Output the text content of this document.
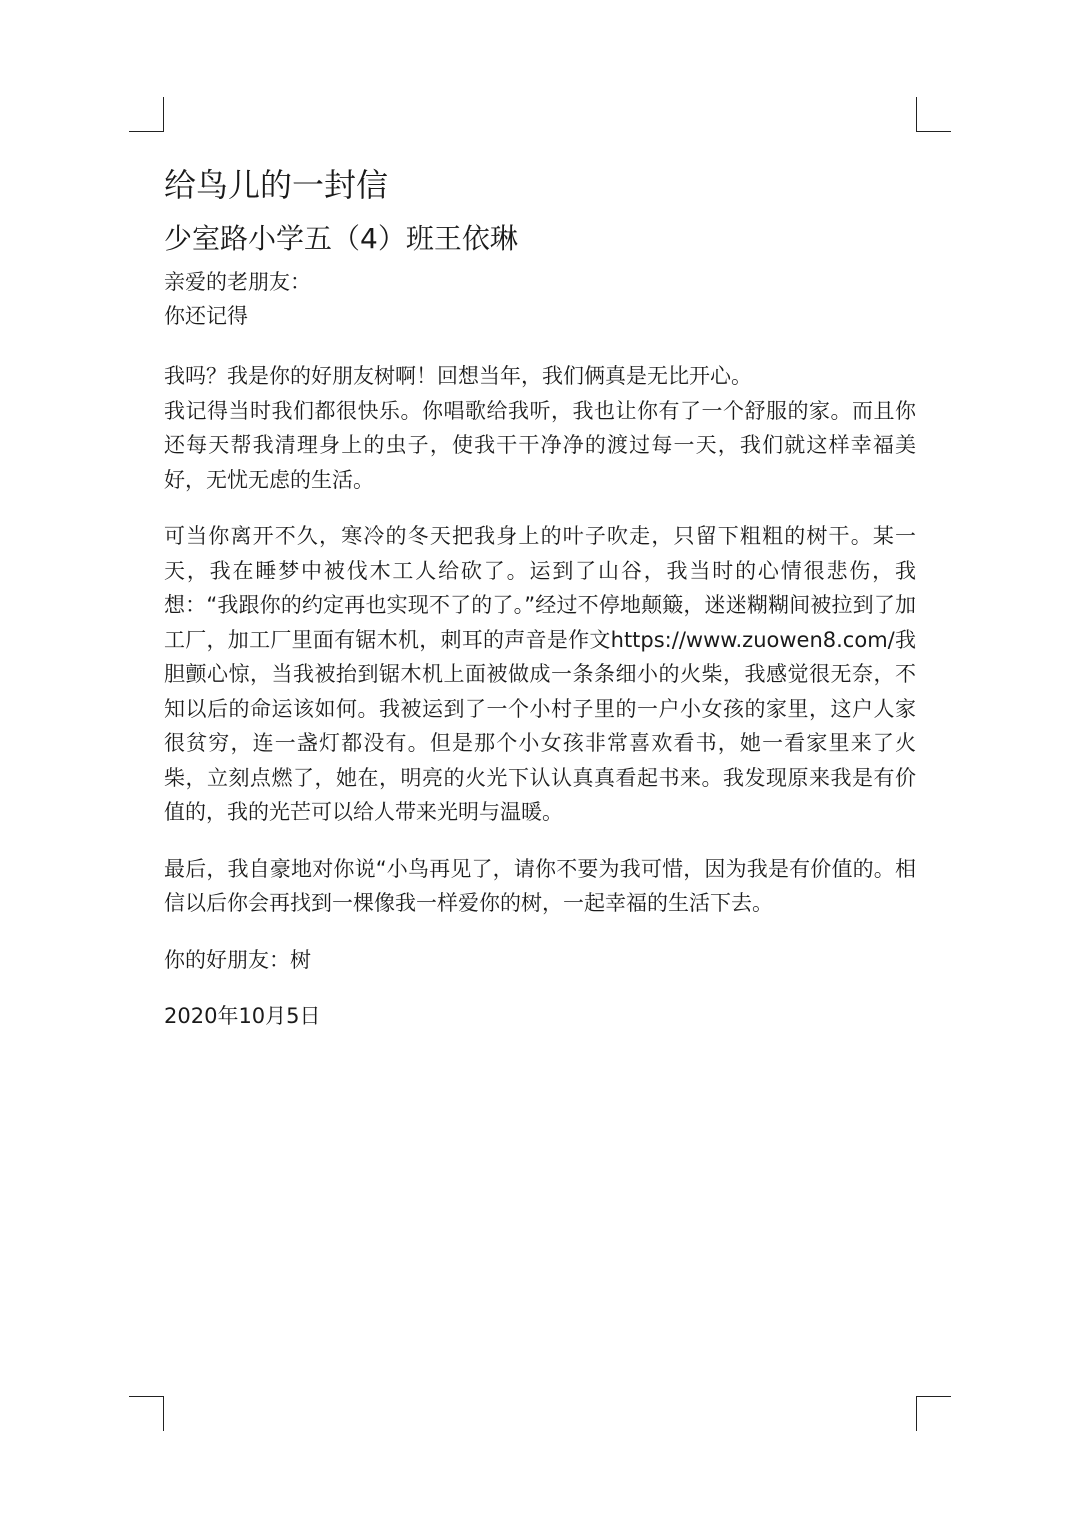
给鸟儿的一封信
少室路小学五（4）班王依琳

亲爱的老朋友：

你还记得

我吗？我是你的好朋友树啊！回想当年，我们俩真是无比开心。

我记得当时我们都很快乐。你唱歌给我听，我也让你有了一个舒服的家。而且你还每天帮我清理身上的虫子，使我干干净净的渡过每一天，我们就这样幸福美好，无忧无虑的生活。

可当你离开不久，寒冷的冬天把我身上的叶子吹走，只留下粗粗的树干。某一天，我在睡梦中被伐木工人给砍了。运到了山谷，我当时的心情很悲伤，我想：“我跟你的约定再也实现不了的了。”经过不停地颠簸，迷迷糊糊间被拉到了加工厂，加工厂里面有锯木机，刺耳的声音是作文https://www.zuowen8.com/我胆颤心惊，当我被抬到锯木机上面被做成一条条细小的火柴，我感觉很无奈，不知以后的命运该如何。我被运到了一个小村子里的一户小女孩的家里，这户人家很贫穷，连一盏灯都没有。但是那个小女孩非常喜欢看书，她一看家里来了火柴，立刻点燃了，她在，明亮的火光下认认真真看起书来。我发现原来我是有价值的，我的光芒可以给人带来光明与温暖。

最后，我自豪地对你说“小鸟再见了，请你不要为我可惜，因为我是有价值的。相信以后你会再找到一棵像我一样爱你的树，一起幸福的生活下去。

你的好朋友：树

2020年10月5日
